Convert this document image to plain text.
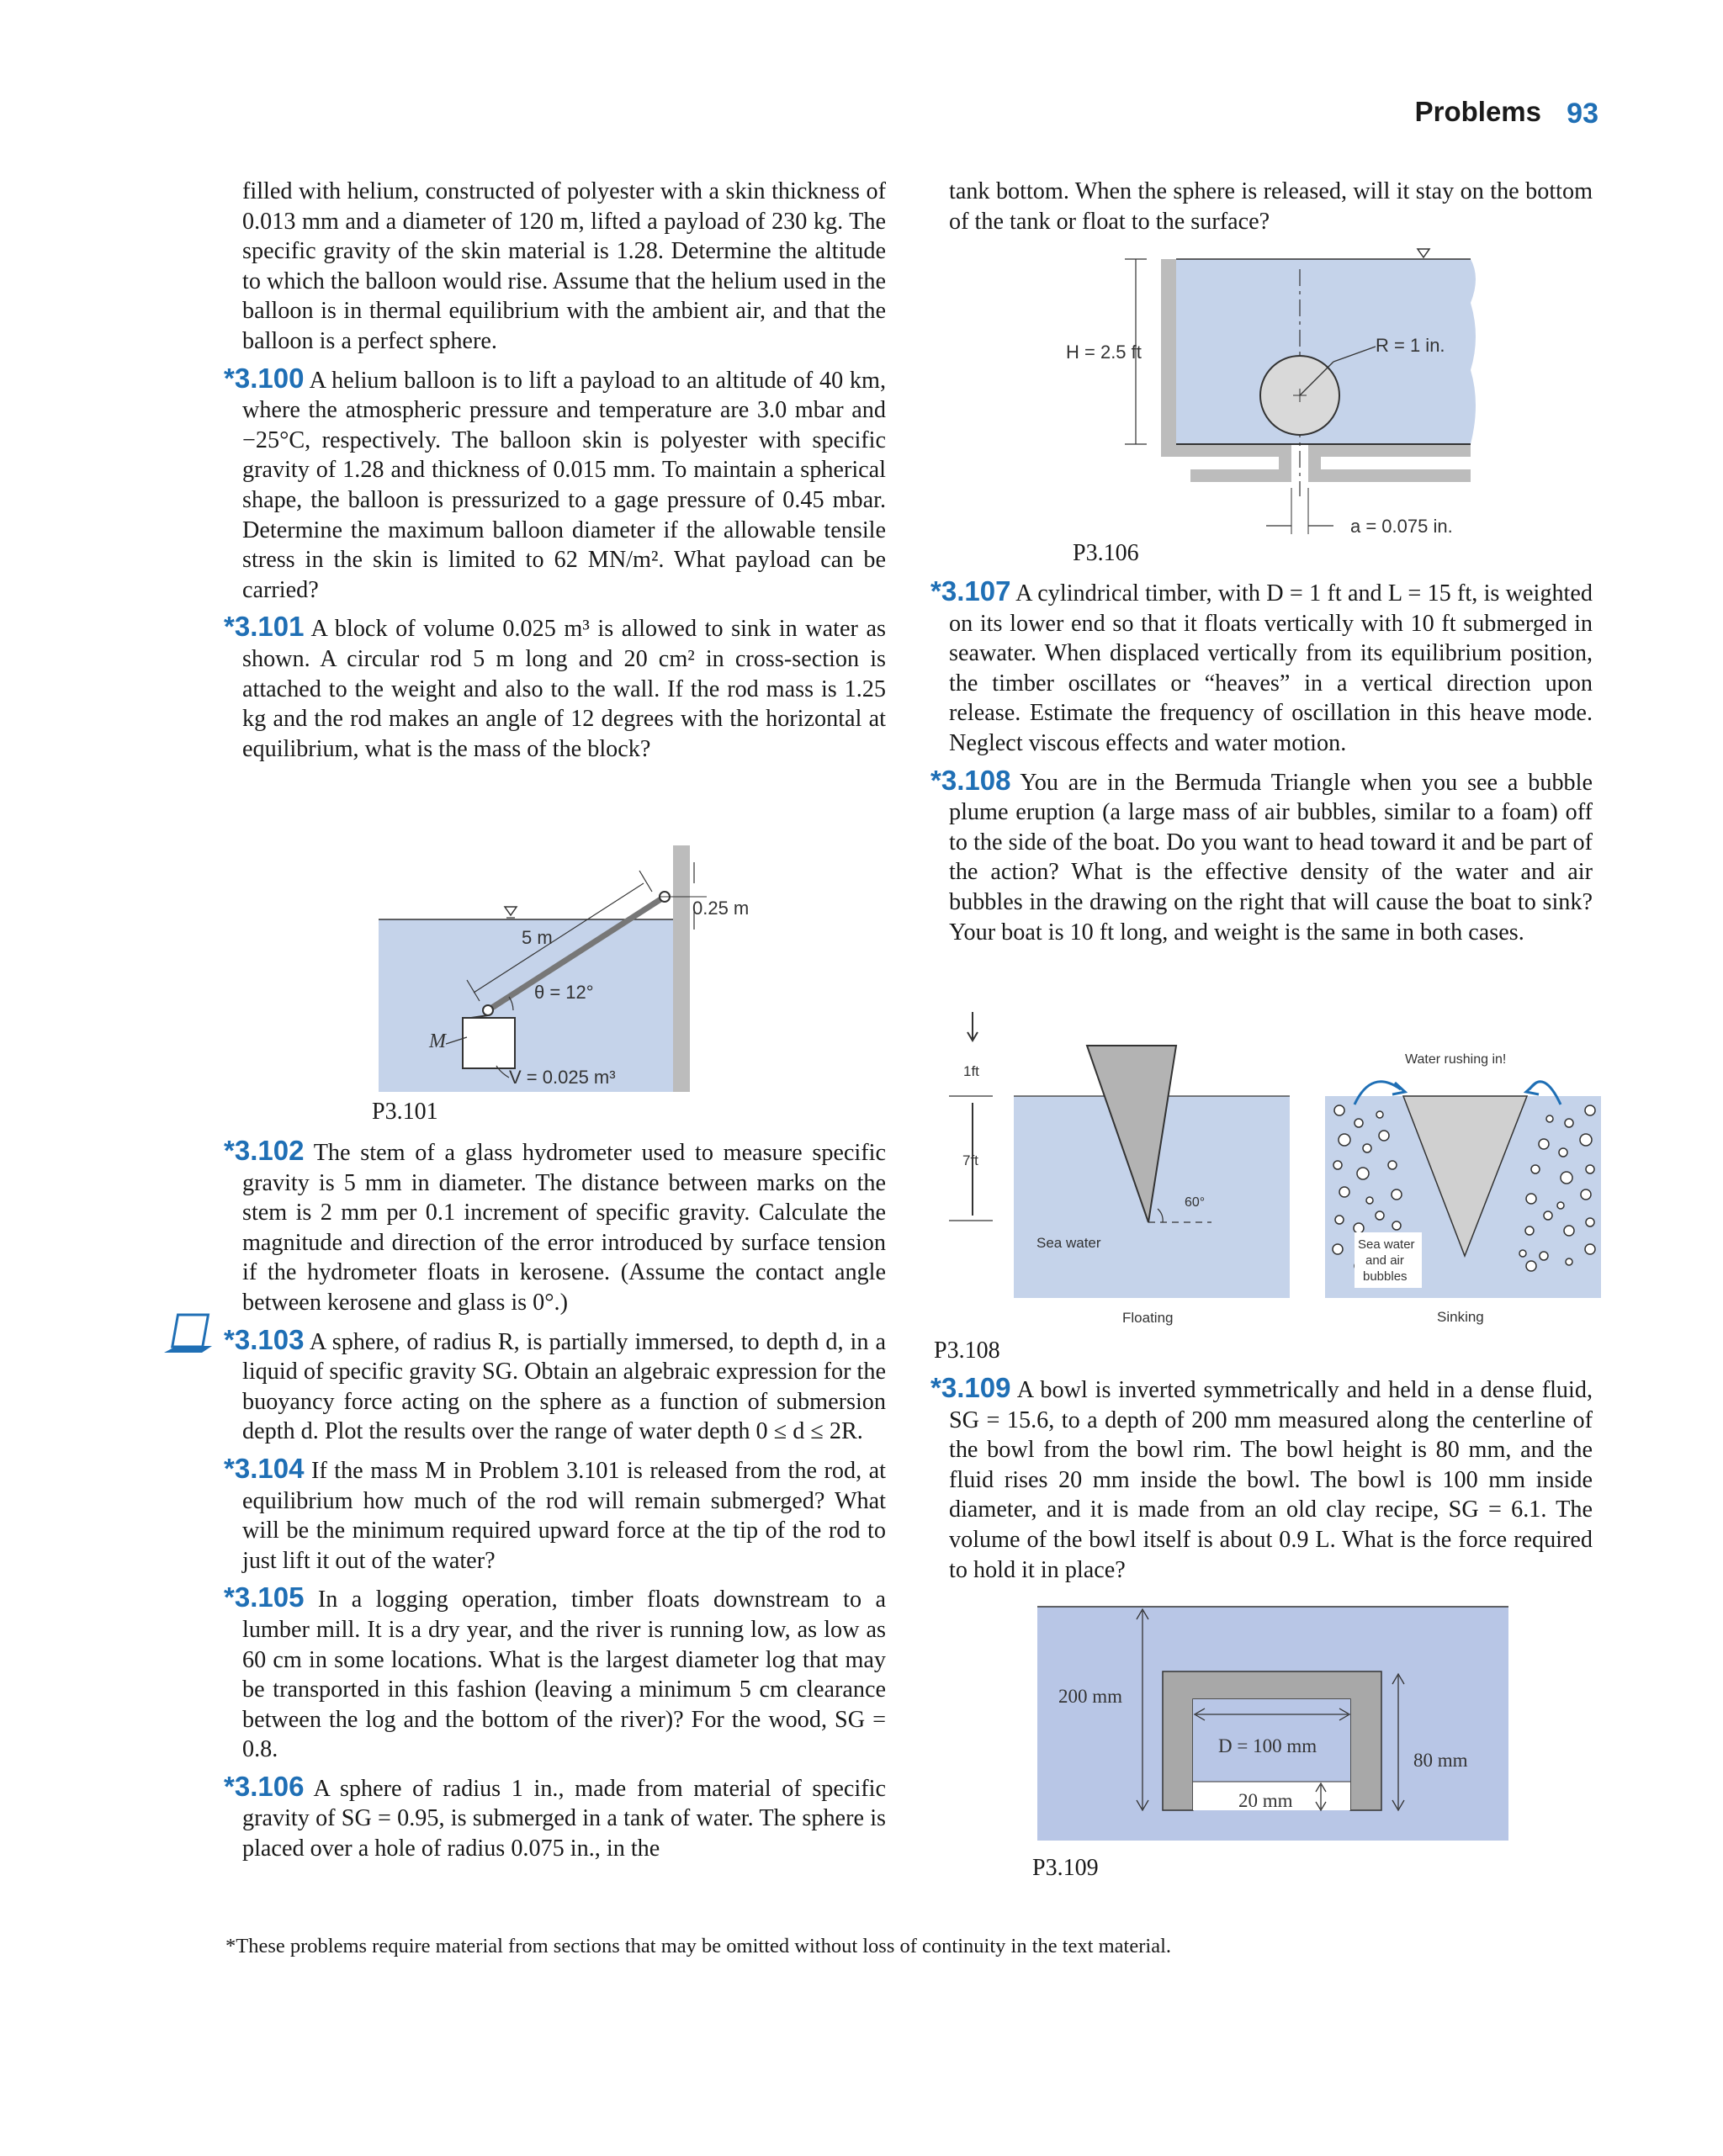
Problems 93

filled with helium, constructed of polyester with a skin thickness of 0.013 mm and a diameter of 120 m, lifted a payload of 230 kg. The specific gravity of the skin material is 1.28. Determine the altitude to which the balloon would rise. Assume that the helium used in the balloon is in thermal equilibrium with the ambient air, and that the balloon is a perfect sphere.

*3.100 A helium balloon is to lift a payload to an altitude of 40 km, where the atmospheric pressure and temperature are 3.0 mbar and −25°C, respectively. The balloon skin is polyester with specific gravity of 1.28 and thickness of 0.015 mm. To maintain a spherical shape, the balloon is pressurized to a gage pressure of 0.45 mbar. Determine the maximum balloon diameter if the allowable tensile stress in the skin is limited to 62 MN/m². What payload can be carried?

*3.101 A block of volume 0.025 m³ is allowed to sink in water as shown. A circular rod 5 m long and 20 cm² in cross-section is attached to the weight and also to the wall. If the rod mass is 1.25 kg and the rod makes an angle of 12 degrees with the horizontal at equilibrium, what is the mass of the block?

5 m
0.25 m
θ = 12°
M
V = 0.025 m³
P3.101

*3.102 The stem of a glass hydrometer used to measure specific gravity is 5 mm in diameter. The distance between marks on the stem is 2 mm per 0.1 increment of specific gravity. Calculate the magnitude and direction of the error introduced by surface tension if the hydrometer floats in kerosene. (Assume the contact angle between kerosene and glass is 0°.)

*3.103 A sphere, of radius R, is partially immersed, to depth d, in a liquid of specific gravity SG. Obtain an algebraic expression for the buoyancy force acting on the sphere as a function of submersion depth d. Plot the results over the range of water depth 0 ≤ d ≤ 2R.

*3.104 If the mass M in Problem 3.101 is released from the rod, at equilibrium how much of the rod will remain submerged? What will be the minimum required upward force at the tip of the rod to just lift it out of the water?

*3.105 In a logging operation, timber floats downstream to a lumber mill. It is a dry year, and the river is running low, as low as 60 cm in some locations. What is the largest diameter log that may be transported in this fashion (leaving a minimum 5 cm clearance between the log and the bottom of the river)? For the wood, SG = 0.8.

*3.106 A sphere of radius 1 in., made from material of specific gravity of SG = 0.95, is submerged in a tank of water. The sphere is placed over a hole of radius 0.075 in., in the

tank bottom. When the sphere is released, will it stay on the bottom of the tank or float to the surface?

R = 1 in.
H = 2.5 ft
a = 0.075 in.
P3.106

*3.107 A cylindrical timber, with D = 1 ft and L = 15 ft, is weighted on its lower end so that it floats vertically with 10 ft submerged in seawater. When displaced vertically from its equilibrium position, the timber oscillates or “heaves” in a vertical direction upon release. Estimate the frequency of oscillation in this heave mode. Neglect viscous effects and water motion.

*3.108 You are in the Bermuda Triangle when you see a bubble plume eruption (a large mass of air bubbles, similar to a foam) off to the side of the boat. Do you want to head toward it and be part of the action? What is the effective density of the water and air bubbles in the drawing on the right that will cause the boat to sink? Your boat is 10 ft long, and weight is the same in both cases.

1ft
7ft
60°
Sea water
Floating
Sea water
and air
bubbles
Water rushing in!
Sinking
P3.108

*3.109 A bowl is inverted symmetrically and held in a dense fluid, SG = 15.6, to a depth of 200 mm measured along the centerline of the bowl from the bowl rim. The bowl height is 80 mm, and the fluid rises 20 mm inside the bowl. The bowl is 100 mm inside diameter, and it is made from an old clay recipe, SG = 6.1. The volume of the bowl itself is about 0.9 L. What is the force required to hold it in place?

D = 100 mm
200 mm
80 mm
20 mm
P3.109
*These problems require material from sections that may be omitted without loss of continuity in the text material.
